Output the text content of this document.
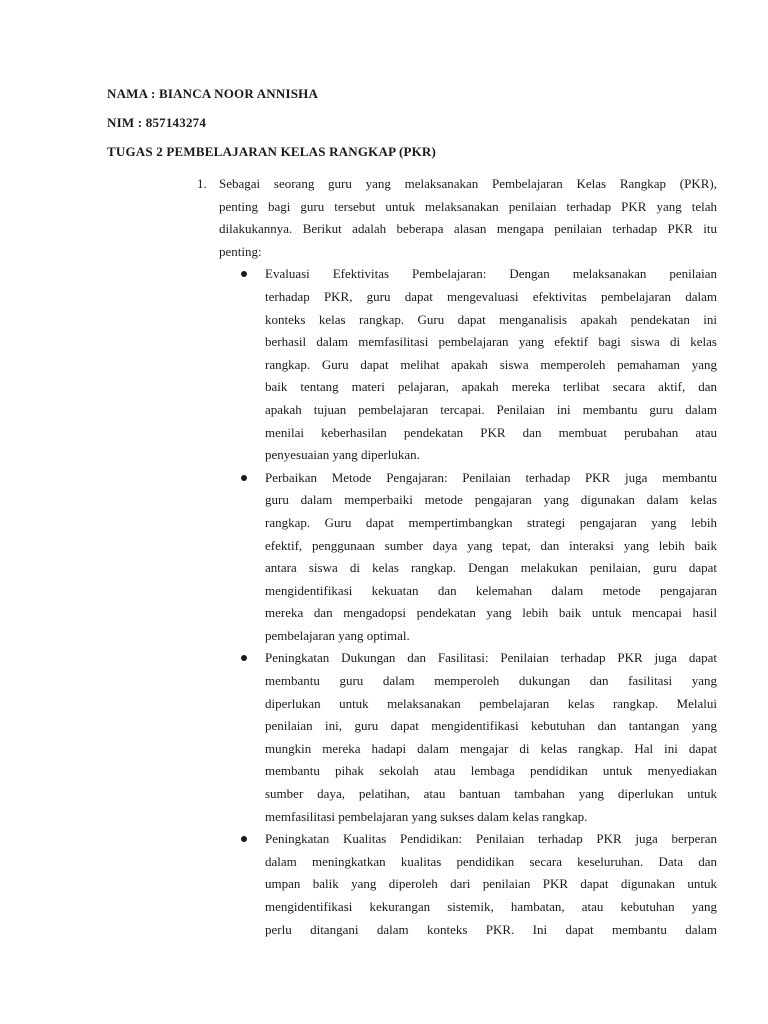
NAMA : BIANCA NOOR ANNISHA
NIM : 857143274
TUGAS 2 PEMBELAJARAN KELAS RANGKAP (PKR)
1. Sebagai seorang guru yang melaksanakan Pembelajaran Kelas Rangkap (PKR),
penting bagi guru tersebut untuk melaksanakan penilaian terhadap PKR yang telah
dilakukannya. Berikut adalah beberapa alasan mengapa penilaian terhadap PKR itu
penting:

Evaluasi Efektivitas Pembelajaran: Dengan melaksanakan penilaian
terhadap PKR, guru dapat mengevaluasi efektivitas pembelajaran dalam
konteks kelas rangkap. Guru dapat menganalisis apakah pendekatan ini
berhasil dalam memfasilitasi pembelajaran yang efektif bagi siswa di kelas
rangkap. Guru dapat melihat apakah siswa memperoleh pemahaman yang
baik tentang materi pelajaran, apakah mereka terlibat secara aktif, dan
apakah tujuan pembelajaran tercapai. Penilaian ini membantu guru dalam
menilai keberhasilan pendekatan PKR dan membuat perubahan atau
penyesuaian yang diperlukan.

Perbaikan Metode Pengajaran: Penilaian terhadap PKR juga membantu
guru dalam memperbaiki metode pengajaran yang digunakan dalam kelas
rangkap. Guru dapat mempertimbangkan strategi pengajaran yang lebih
efektif, penggunaan sumber daya yang tepat, dan interaksi yang lebih baik
antara siswa di kelas rangkap. Dengan melakukan penilaian, guru dapat
mengidentifikasi kekuatan dan kelemahan dalam metode pengajaran
mereka dan mengadopsi pendekatan yang lebih baik untuk mencapai hasil
pembelajaran yang optimal.

Peningkatan Dukungan dan Fasilitasi: Penilaian terhadap PKR juga dapat
membantu guru dalam memperoleh dukungan dan fasilitasi yang
diperlukan untuk melaksanakan pembelajaran kelas rangkap. Melalui
penilaian ini, guru dapat mengidentifikasi kebutuhan dan tantangan yang
mungkin mereka hadapi dalam mengajar di kelas rangkap. Hal ini dapat
membantu pihak sekolah atau lembaga pendidikan untuk menyediakan
sumber daya, pelatihan, atau bantuan tambahan yang diperlukan untuk
memfasilitasi pembelajaran yang sukses dalam kelas rangkap.

Peningkatan Kualitas Pendidikan: Penilaian terhadap PKR juga berperan
dalam meningkatkan kualitas pendidikan secara keseluruhan. Data dan
umpan balik yang diperoleh dari penilaian PKR dapat digunakan untuk
mengidentifikasi kekurangan sistemik, hambatan, atau kebutuhan yang
perlu ditangani dalam konteks PKR. Ini dapat membantu dalam
